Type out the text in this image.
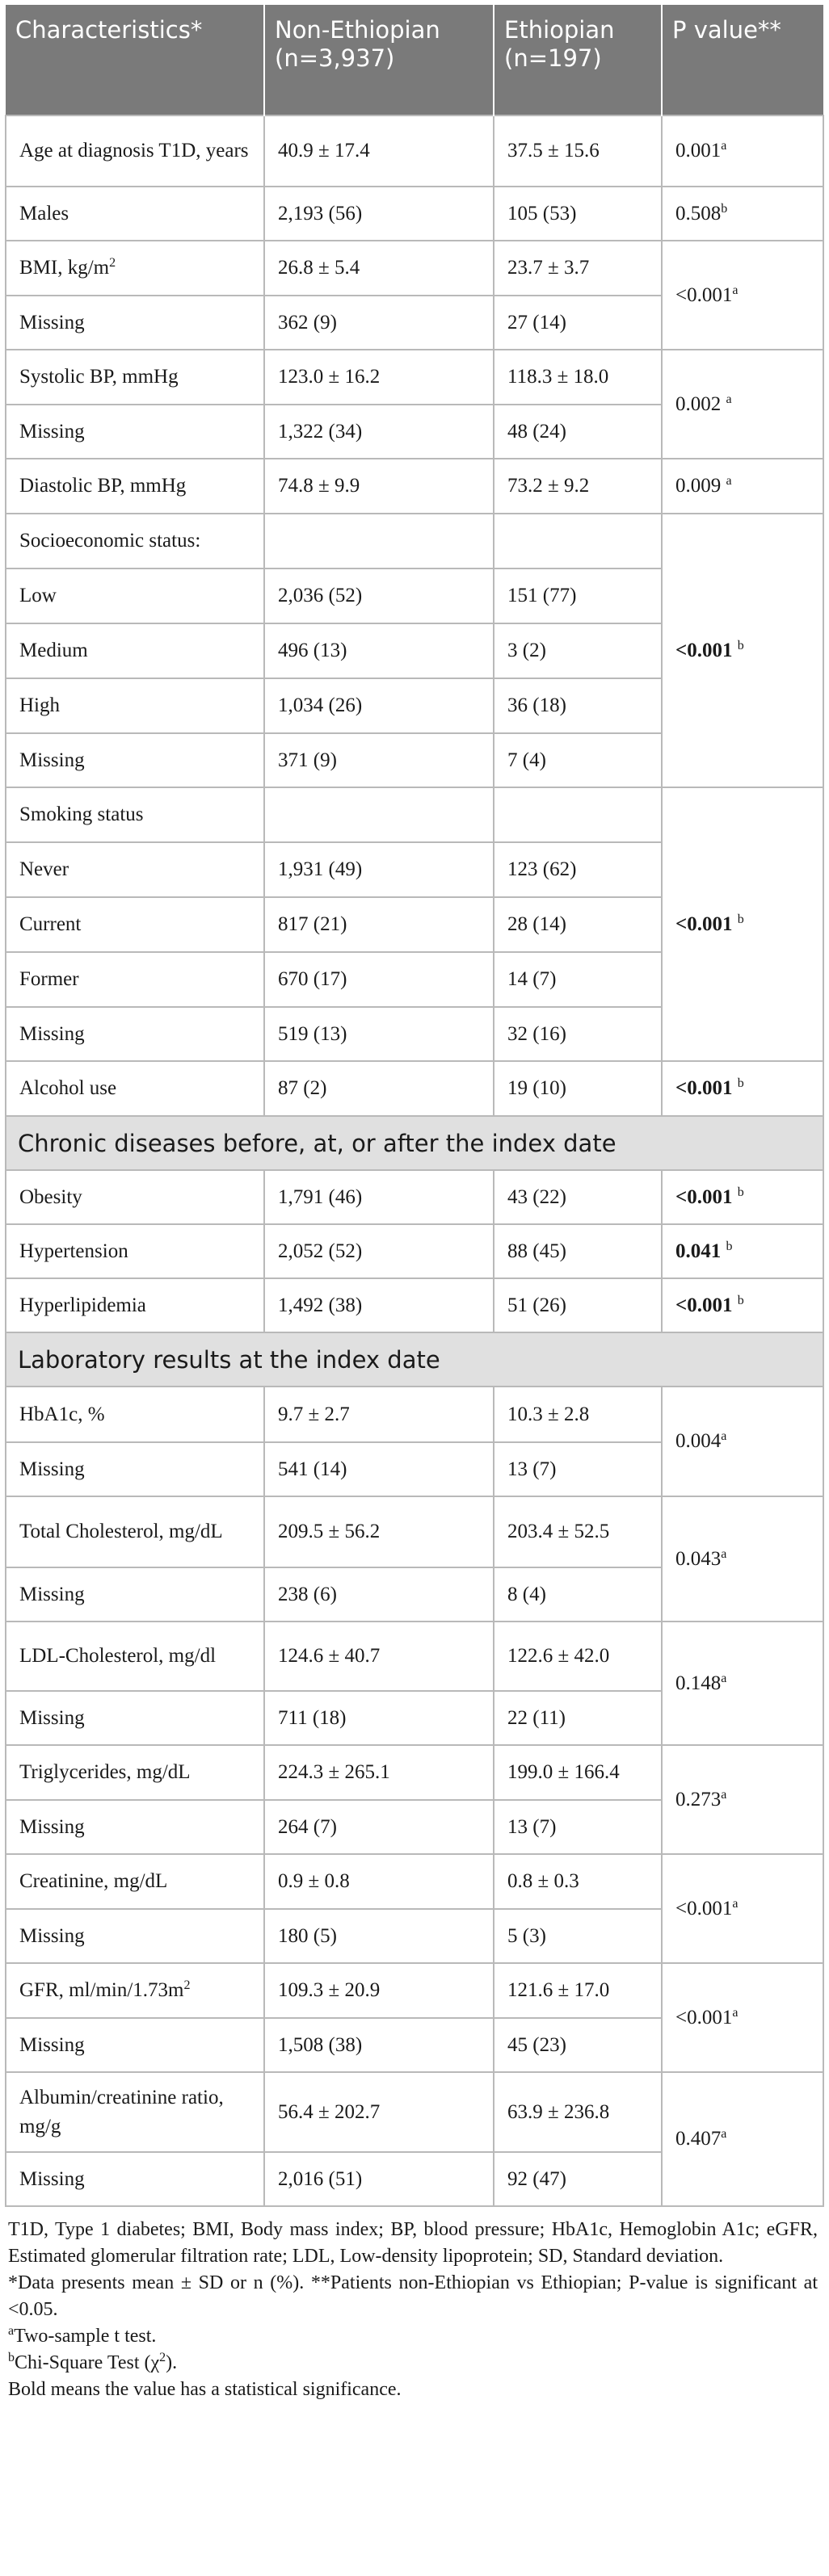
Characteristics*	Non-Ethiopian (n=3,937)	Ethiopian (n=197)	P value**
Age at diagnosis T1D, years	40.9 ± 17.4	37.5 ± 15.6	0.001$^a$
Males	2,193 (56)	105 (53)	0.508$^b$
BMI, $kg/m^2$	26.8 ± 5.4	23.7 ± 3.7	<0.001$^a$
Missing	362 (9)	27 (14)	
Systolic BP, mmHg	123.0 ± 16.2	118.3 ± 18.0	0.002 $^a$
Missing	1,322 (34)	48 (24)	
Diastolic BP, mmHg	74.8 ± 9.9	73.2 ± 9.2	0.009 $^a$
Socioeconomic status:			<0.001 $^b$
Low	2,036 (52)	151 (77)	
Medium	496 (13)	3 (2)	
High	1,034 (26)	36 (18)	
Missing	371 (9)	7 (4)	
Smoking status			<0.001 $^b$
Never	1,931 (49)	123 (62)	
Current	817 (21)	28 (14)	
Former	670 (17)	14 (7)	
Missing	519 (13)	32 (16)	
Alcohol use	87 (2)	19 (10)	<0.001 $^b$
Chronic diseases before, at, or after the index date			
Obesity	1,791 (46)	43 (22)	<0.001 $^b$
Hypertension	2,052 (52)	88 (45)	0.041 $^b$
Hyperlipidemia	1,492 (38)	51 (26)	<0.001 $^b$
Laboratory results at the index date			
HbA1c, %	9.7 ± 2.7	10.3 ± 2.8	0.004$^a$
Missing	541 (14)	13 (7)	
Total Cholesterol, mg/dL	209.5 ± 56.2	203.4 ± 52.5	0.043$^a$
Missing	238 (6)	8 (4)	
LDL-Cholesterol, mg/dl	124.6 ± 40.7	122.6 ± 42.0	0.148$^a$
Missing	711 (18)	22 (11)	
Triglycerides, mg/dL	224.3 ± 265.1	199.0 ± 166.4	0.273$^a$
Missing	264 (7)	13 (7)	
Creatinine, mg/dL	0.9 ± 0.8	0.8 ± 0.3	<0.001$^a$
Missing	180 (5)	5 (3)	
GFR, $ml/\min/1.73m^2$	109.3 ± 20.9	121.6 ± 17.0	<0.001$^a$
Missing	1,508 (38)	45 (23)	
Albumin/creatinine ratio, mg/g	56.4 ± 202.7	63.9 ± 236.8	0.407$^a$
Missing	2,016 (51)	92 (47)	

T1D, Type 1 diabetes; BMI, Body mass index; BP, blood pressure; HbA1c, Hemoglobin A1c; eGFR, Estimated glomerular filtration rate; LDL, Low-density lipoprotein; SD, Standard deviation.

*Data presents mean ± SD or n (%). **Patients non-Ethiopian vs Ethiopian; P-value is significant at <0.05.

$^a$Two-sample t test.

$^b$Chi-Square Test $(\chi^2)$.

Bold means the value has a statistical significance.
